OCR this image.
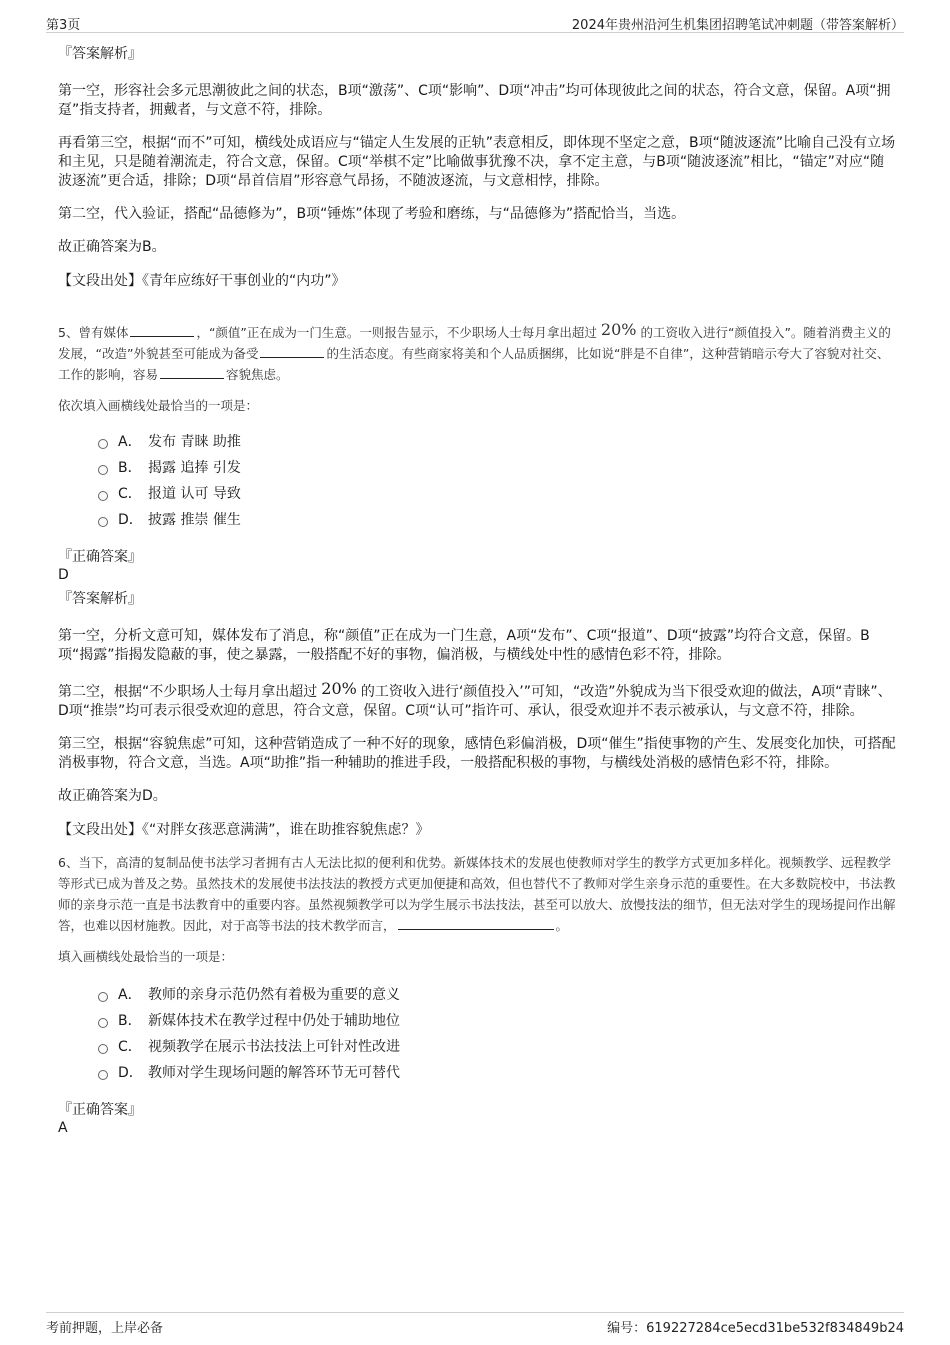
第3页	2024年贵州沿河生机集团招聘笔试冲刺题（带答案解析）
『答案解析』

第一空，形容社会多元思潮彼此之间的状态，B项“激荡”、C项“影响”、D项“冲击”均可体现彼此之间的状态，符合文意，保留。A项“拥趸”指支持者，拥戴者，与文意不符，排除。

再看第三空，根据“而不”可知，横线处成语应与“锚定人生发展的正轨”表意相反，即体现不坚定之意，B项“随波逐流”比喻自己没有立场和主见，只是随着潮流走，符合文意，保留。C项“举棋不定”比喻做事犹豫不决，拿不定主意，与B项“随波逐流”相比，“锚定”对应“随波逐流”更合适，排除；D项“昂首信眉”形容意气昂扬，不随波逐流，与文意相悖，排除。

第二空，代入验证，搭配“品德修为”，B项“锤炼”体现了考验和磨练，与“品德修为”搭配恰当，当选。

故正确答案为B。

【文段出处】《青年应练好干事创业的“内功”》

5、曾有媒体	，“颜值”正在成为一门生意。一则报告显示，不少职场人士每月拿出超过 20% 的工资收入进行“颜值投入”。随着消费主义的发展，“改造”外貌甚至可能成为备受	的生活态度。有些商家将美和个人品质捆绑，比如说“胖是不自律”，这种营销暗示夸大了容貌对社交、工作的影响，容易	容貌焦虑。

依次填入画横线处最恰当的一项是：

A． 发布 青睐 助推
B． 揭露 追捧 引发
C． 报道 认可 导致
D． 披露 推崇 催生
『正确答案』
D
『答案解析』

第一空，分析文意可知，媒体发布了消息，称“颜值”正在成为一门生意，A项“发布”、C项“报道”、D项“披露”均符合文意，保留。B项“揭露”指揭发隐蔽的事，使之暴露，一般搭配不好的事物，偏消极，与横线处中性的感情色彩不符，排除。

第二空，根据“不少职场人士每月拿出超过 20% 的工资收入进行‘颜值投入’”可知，“改造”外貌成为当下很受欢迎的做法，A项“青睐”、D项“推崇”均可表示很受欢迎的意思，符合文意，保留。C项“认可”指许可、承认，很受欢迎并不表示被承认，与文意不符，排除。

第三空，根据“容貌焦虑”可知，这种营销造成了一种不好的现象，感情色彩偏消极，D项“催生”指使事物的产生、发展变化加快，可搭配消极事物，符合文意，当选。A项“助推”指一种辅助的推进手段，一般搭配积极的事物，与横线处消极的感情色彩不符，排除。

故正确答案为D。

【文段出处】《“对胖女孩恶意满满”，谁在助推容貌焦虑？》

6、当下，高清的复制品使书法学习者拥有古人无法比拟的便利和优势。新媒体技术的发展也使教师对学生的教学方式更加多样化。视频教学、远程教学等形式已成为普及之势。虽然技术的发展使书法技法的教授方式更加便捷和高效，但也替代不了教师对学生亲身示范的重要性。在大多数院校中，书法教师的亲身示范一直是书法教育中的重要内容。虽然视频教学可以为学生展示书法技法，甚至可以放大、放慢技法的细节，但无法对学生的现场提问作出解答，也难以因材施教。因此，对于高等书法的技术教学而言，	。

填入画横线处最恰当的一项是：

A． 教师的亲身示范仍然有着极为重要的意义
B． 新媒体技术在教学过程中仍处于辅助地位
C． 视频教学在展示书法技法上可针对性改进
D． 教师对学生现场问题的解答环节无可替代
『正确答案』
A
考前押题，上岸必备	编号：619227284ce5ecd31be532f834849b24
